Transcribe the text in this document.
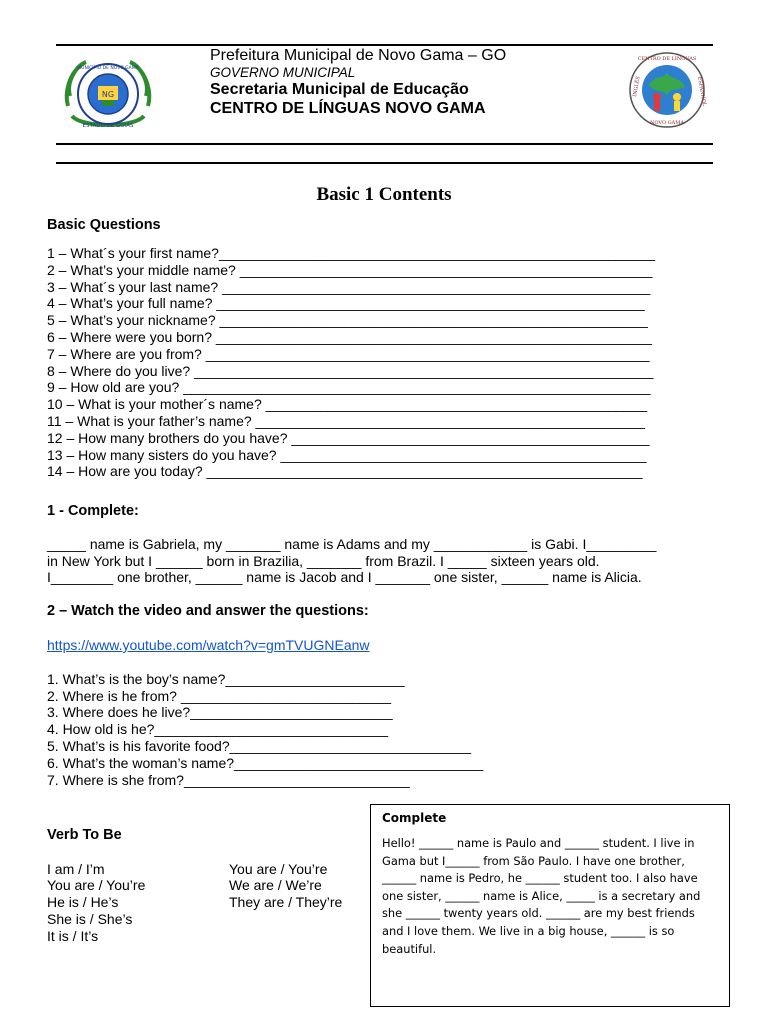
NG
ESTADO DE GOIÁS
MUNICÍPIO DE NOVO GAMA
Prefeitura Municipal de Novo Gama – GO
GOVERNO MUNICIPAL
Secretaria Municipal de Educação
CENTRO DE LÍNGUAS NOVO GAMA
INGLÊS
CENTRO DE LÍNGUAS
ESPANHOL
NOVO GAMA
Basic 1 Contents
Basic Questions
1 – What´s your first name?________________________________________________________
2 – What’s your middle name? _____________________________________________________
3 – What´s your last name? _______________________________________________________
4 – What’s your full name? _______________________________________________________
5 – What’s your nickname? _______________________________________________________
6 – Where were you born? ________________________________________________________
7 – Where are you from? _________________________________________________________
8 – Where do you live? ___________________________________________________________
9 – How old are you? ____________________________________________________________
10 – What is your mother´s name? _________________________________________________
11 – What is your father’s name? __________________________________________________
12 – How many brothers do you have? ______________________________________________
13 – How many sisters do you have? _______________________________________________
14 – How are you today? ________________________________________________________
1 - Complete:
_____ name is Gabriela, my _______ name is Adams and my ____________ is Gabi. I_________
in New York but I ______ born in Brazilia, _______ from Brazil. I _____ sixteen years old.
I________ one brother, ______ name is Jacob and I _______ one sister, ______ name is Alicia.
2 – Watch the video and answer the questions:
https://www.youtube.com/watch?v=gmTVUGNEanw
1. What’s is the boy’s name?_______________________
2. Where is he from? ___________________________
3. Where does he live?__________________________
4. How old is he?______________________________
5. What’s is his favorite food?_______________________________
6. What’s the woman’s name?________________________________
7. Where is she from?_____________________________
Verb To Be
I am / I’m
You are / You’re
He is / He’s
She is / She’s
It is / It’s
You are / You’re
We are / We’re
They are / They’re
Complete
Hello! ______ name is Paulo and ______ student. I live in
Gama but I______ from São Paulo. I have one brother,
______ name is Pedro, he ______ student too. I also have
one sister, ______ name is Alice, _____ is a secretary and
she ______ twenty years old. ______ are my best friends
and I love them. We live in a big house, ______ is so
beautiful.
